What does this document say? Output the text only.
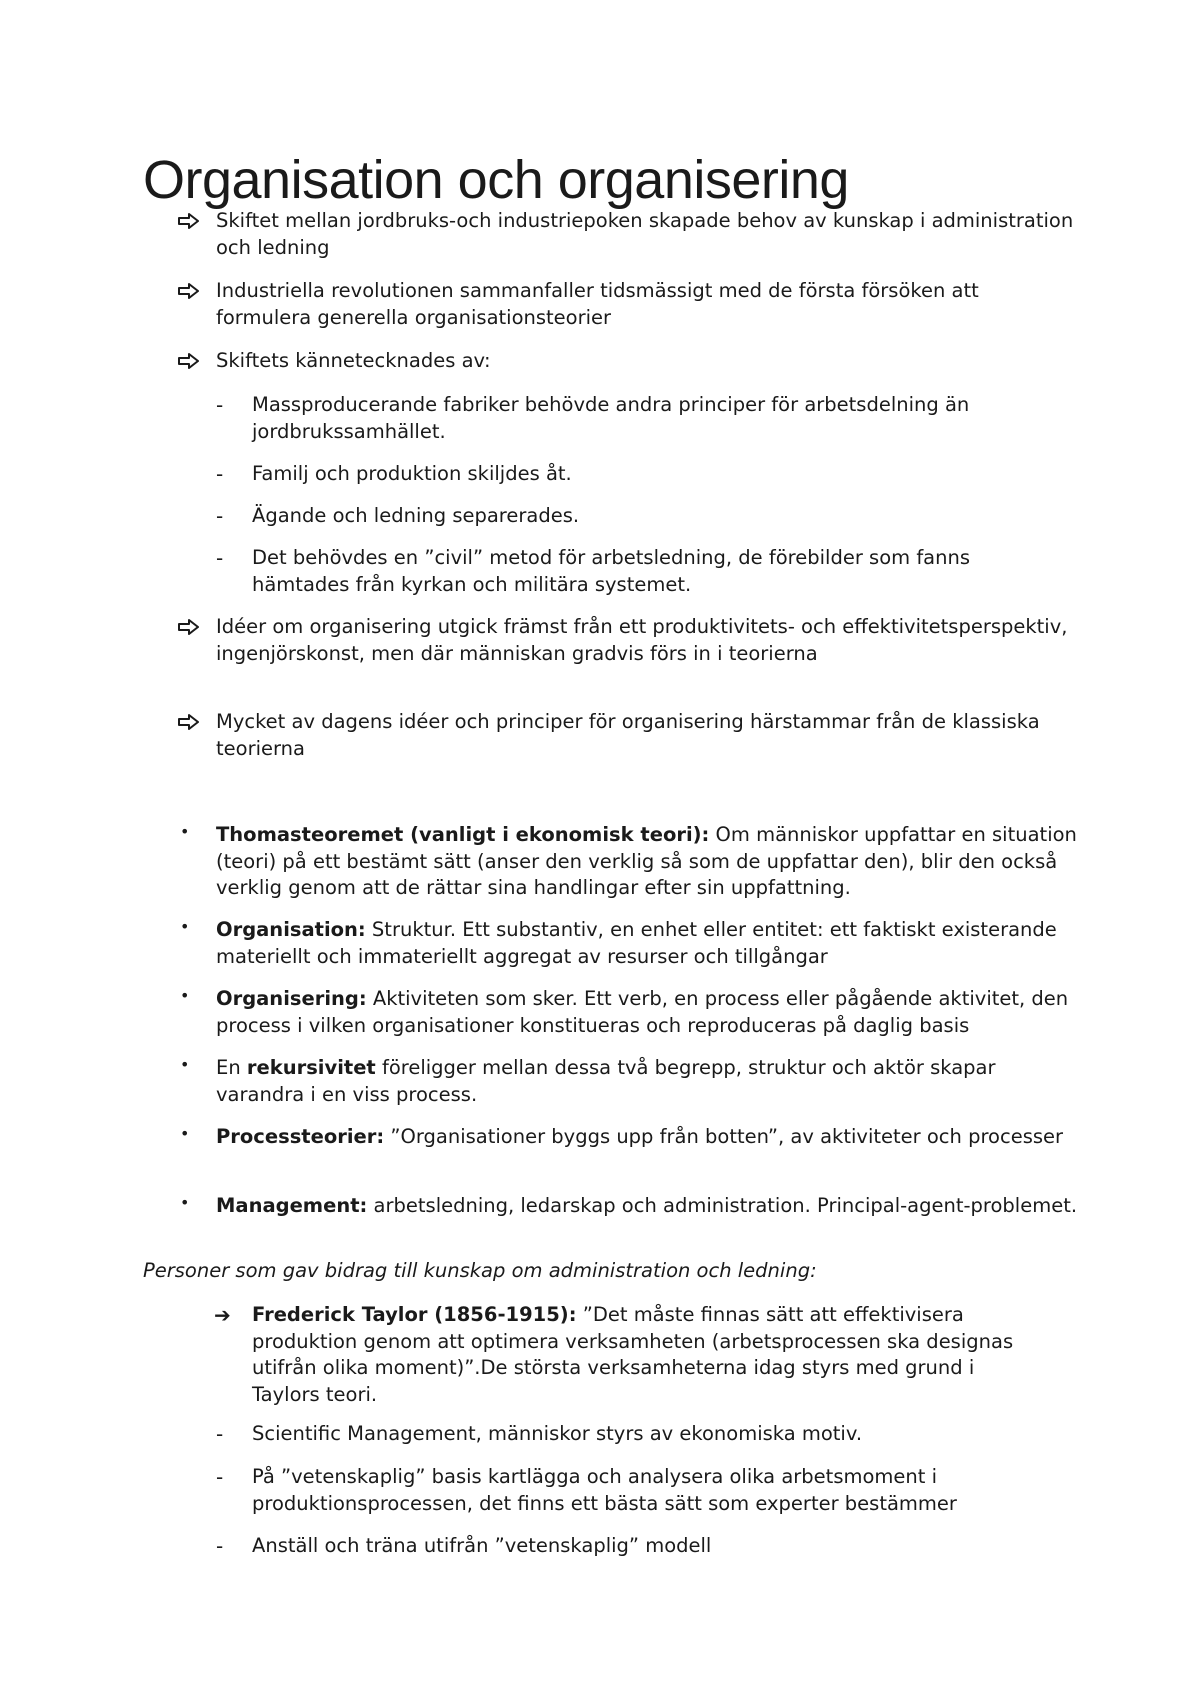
Organisation och organisering
Skiftet mellan jordbruks-och industriepoken skapade behov av kunskap i administration och ledning
Industriella revolutionen sammanfaller tidsmässigt med de första försöken att formulera generella organisationsteorier
Skiftets kännetecknades av:
- Massproducerande fabriker behövde andra principer för arbetsdelning än jordbrukssamhället.
- Familj och produktion skiljdes åt.
- Ägande och ledning separerades.
- Det behövdes en ”civil” metod för arbetsledning, de förebilder som fanns hämtades från kyrkan och militära systemet.
Idéer om organisering utgick främst från ett produktivitets- och effektivitetsperspektiv, ingenjörskonst, men där människan gradvis förs in i teorierna
Mycket av dagens idéer och principer för organisering härstammar från de klassiska teorierna
• Thomasteoremet (vanligt i ekonomisk teori): Om människor uppfattar en situation (teori) på ett bestämt sätt (anser den verklig så som de uppfattar den), blir den också verklig genom att de rättar sina handlingar efter sin uppfattning.
• Organisation: Struktur. Ett substantiv, en enhet eller entitet: ett faktiskt existerande materiellt och immateriellt aggregat av resurser och tillgångar
• Organisering: Aktiviteten som sker. Ett verb, en process eller pågående aktivitet, den process i vilken organisationer konstitueras och reproduceras på daglig basis
• En rekursivitet föreligger mellan dessa två begrepp, struktur och aktör skapar varandra i en viss process.
• Processteorier: ”Organisationer byggs upp från botten”, av aktiviteter och processer
• Management: arbetsledning, ledarskap och administration. Principal-agent-problemet.
Personer som gav bidrag till kunskap om administration och ledning:
➔ Frederick Taylor (1856-1915): ”Det måste finnas sätt att effektivisera produktion genom att optimera verksamheten (arbetsprocessen ska designas utifrån olika moment)”.De största verksamheterna idag styrs med grund i Taylors teori.
- Scientific Management, människor styrs av ekonomiska motiv.
- På ”vetenskaplig” basis kartlägga och analysera olika arbetsmoment i produktionsprocessen, det finns ett bästa sätt som experter bestämmer
- Anställ och träna utifrån ”vetenskaplig” modell
